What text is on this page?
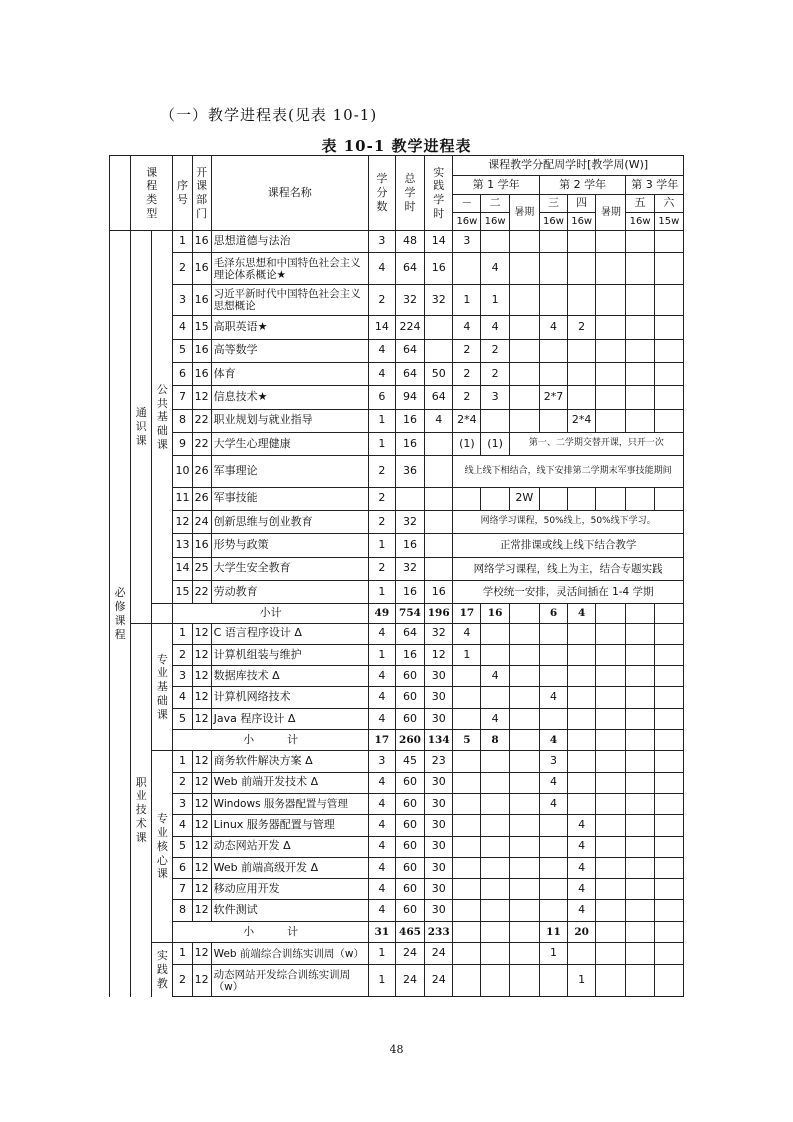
（一）教学进程表(见表 10-1)
表 10-1 教学进程表
	课程类型		序号	开课部门	课程名称	学分数	总学时	实践学时	课程教学分配周学时[教学周(W)]							
									第 1 学年			第 2 学年			第 3 学年	
									－	二	暑期	三	四	暑期	五	六
									16w	16w		16w	16w		16w	15w
必修课程	通识课	公共基础课	1	16	思想道德与法治	3	48	14	3							
			2	16	毛泽东思想和中国特色社会主义理论体系概论★	4	64	16		4						
			3	16	习近平新时代中国特色社会主义思想概论	2	32	32	1	1						
			4	15	高职英语★	14	224		4	4		4	2			
			5	16	高等数学	4	64		2	2						
			6	16	体育	4	64	50	2	2						
			7	12	信息技术★	6	94	64	2	3		2*7				
			8	22	职业规划与就业指导	1	16	4	2*4				2*4			
			9	22	大学生心理健康	1	16		(1)	(1)	第一、二学期交替开课，只开一次					
			10	26	军事理论	2	36		线上线下相结合，线下安排第二学期末军事技能期间							
			11	26	军事技能	2					2W					
			12	24	创新思维与创业教育	2	32		网络学习课程，50%线上，50%线下学习。							
			13	16	形势与政策	1	16		正常排课或线上线下结合教学							
			14	25	大学生安全教育	2	32		网络学习课程，线上为主，结合专题实践							
			15	22	劳动教育	1	16	16	学校统一安排，灵活间插在 1-4 学期							
			小计			49	754	196	17	16		6	4			
	职业技术课	专业基础课	1	12	C 语言程序设计 Δ	4	64	32	4							
			2	12	计算机组装与维护	1	16	12	1							
			3	12	数据库技术 Δ	4	60	30		4						
			4	12	计算机网络技术	4	60	30				4				
			5	12	Java 程序设计 Δ	4	60	30		4						
			小　　　计			17	260	134	5	8		4				
		专业核心课	1	12	商务软件解决方案 Δ	3	45	23				3				
			2	12	Web 前端开发技术 Δ	4	60	30				4				
			3	12	Windows 服务器配置与管理	4	60	30				4				
			4	12	Linux 服务器配置与管理	4	60	30					4			
			5	12	动态网站开发 Δ	4	60	30					4			
			6	12	Web 前端高级开发 Δ	4	60	30					4			
			7	12	移动应用开发	4	60	30					4			
			8	12	软件测试	4	60	30					4			
			小　　　计			31	465	233				11	20			
		实践教	1	12	Web 前端综合训练实训周（w）	1	24	24				1				
			2	12	动态网站开发综合训练实训周（w）	1	24	24					1			
48
